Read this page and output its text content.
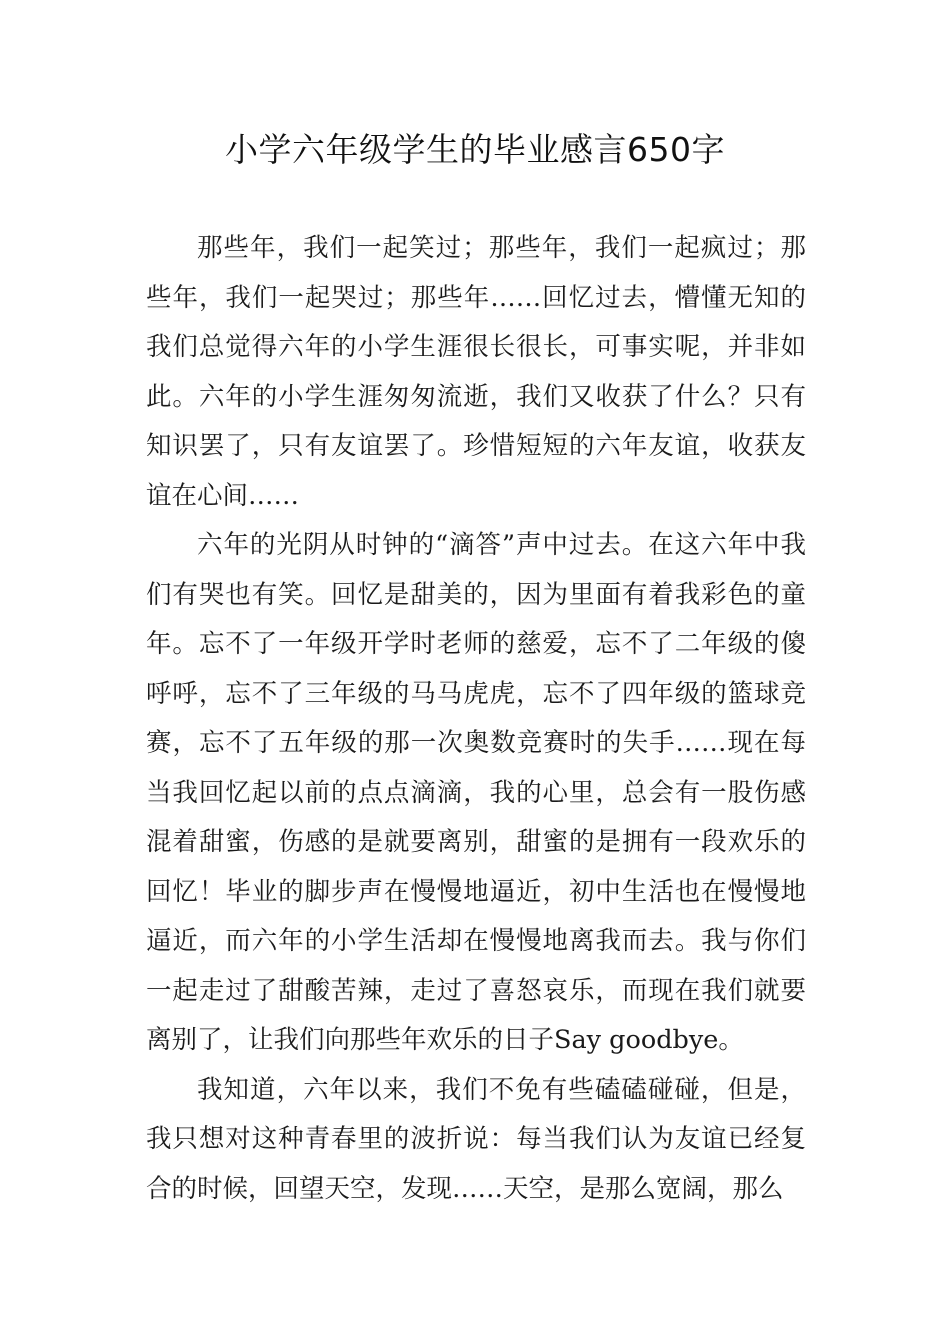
小学六年级学生的毕业感言650字

那些年，我们一起笑过；那些年，我们一起疯过；那些年，我们一起哭过；那些年……回忆过去，懵懂无知的我们总觉得六年的小学生涯很长很长，可事实呢，并非如此。六年的小学生涯匆匆流逝，我们又收获了什么？只有知识罢了，只有友谊罢了。珍惜短短的六年友谊，收获友谊在心间……

六年的光阴从时钟的“滴答”声中过去。在这六年中我们有哭也有笑。回忆是甜美的，因为里面有着我彩色的童年。忘不了一年级开学时老师的慈爱，忘不了二年级的傻呼呼，忘不了三年级的马马虎虎，忘不了四年级的篮球竞赛，忘不了五年级的那一次奥数竞赛时的失手……现在每当我回忆起以前的点点滴滴，我的心里，总会有一股伤感混着甜蜜，伤感的是就要离别，甜蜜的是拥有一段欢乐的回忆！毕业的脚步声在慢慢地逼近，初中生活也在慢慢地逼近，而六年的小学生活却在慢慢地离我而去。我与你们一起走过了甜酸苦辣，走过了喜怒哀乐，而现在我们就要离别了，让我们向那些年欢乐的日子Say goodbye。

我知道，六年以来，我们不免有些磕磕碰碰，但是，我只想对这种青春里的波折说：每当我们认为友谊已经复合的时候，回望天空，发现……天空，是那么宽阔，那么
